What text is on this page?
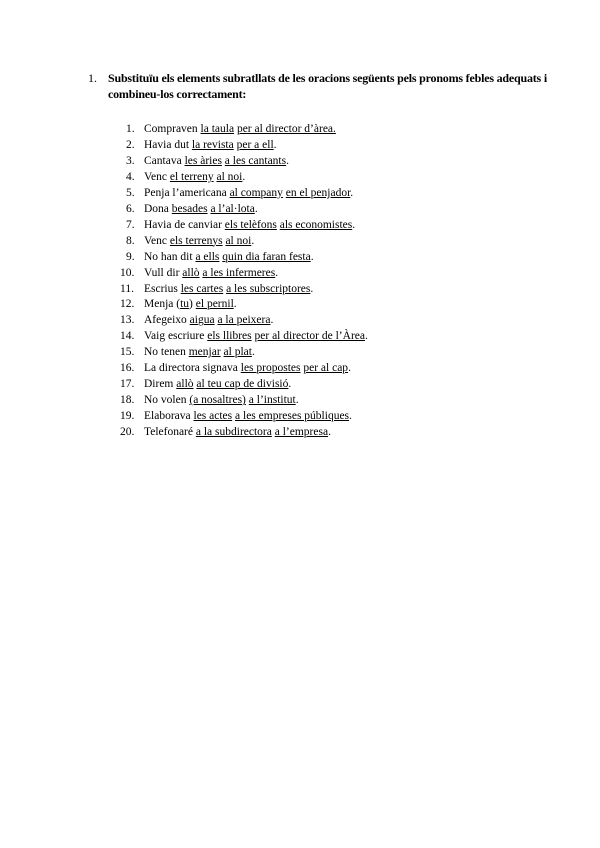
1. Substituïu els elements subratllats de les oracions següents pels pronoms febles adequats i combineu-los correctament:
1. Compraven la taula per al director d’àrea.
2. Havia dut la revista per a ell.
3. Cantava les àries a les cantants.
4. Venc el terreny al noi.
5. Penja l’americana al company en el penjador.
6. Dona besades a l’al·lota.
7. Havia de canviar els telèfons als economistes.
8. Venc els terrenys al noi.
9. No han dit a ells quin dia faran festa.
10. Vull dir allò a les infermeres.
11. Escrius les cartes a les subscriptores.
12. Menja (tu) el pernil.
13. Afegeixo aigua a la peixera.
14. Vaig escriure els llibres per al director de l’Àrea.
15. No tenen menjar al plat.
16. La directora signava les propostes per al cap.
17. Direm allò al teu cap de divisió.
18. No volen (a nosaltres) a l’institut.
19. Elaborava les actes a les empreses públiques.
20. Telefonaré a la subdirectora a l’empresa.
